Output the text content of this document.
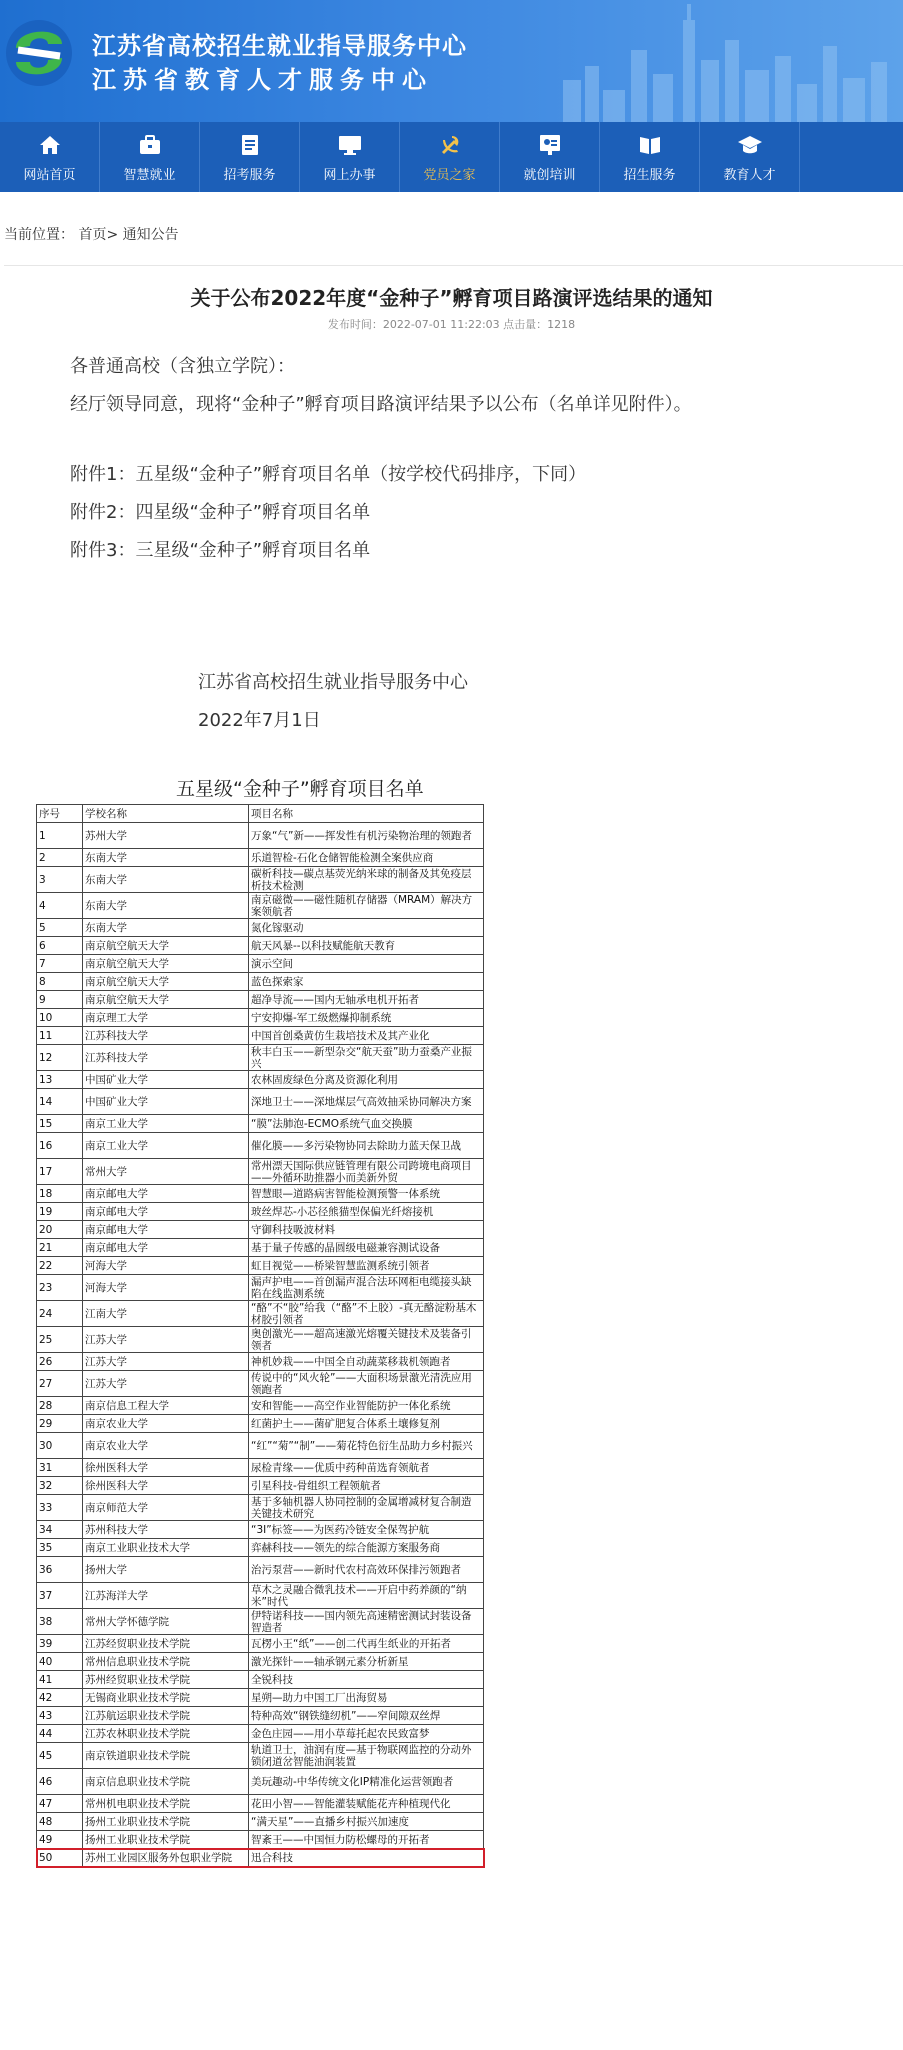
江苏省高校招生就业指导服务中心
江苏省教育人才服务中心
网站首页	智慧就业	招考服务	网上办事	党员之家	就创培训	招生服务	教育人才
当前位置： 首页> 通知公告
关于公布2022年度“金种子”孵育项目路演评选结果的通知
发布时间：2022-07-01 11:22:03 点击量：1218
各普通高校（含独立学院）：
经厅领导同意，现将“金种子”孵育项目路演评结果予以公布（名单详见附件）。
附件1：五星级“金种子”孵育项目名单（按学校代码排序，下同）
附件2：四星级“金种子”孵育项目名单
附件3：三星级“金种子”孵育项目名单
江苏省高校招生就业指导服务中心
2022年7月1日
五星级“金种子”孵育项目名单
序号	学校名称	项目名称
1	苏州大学	万象“气”新——挥发性有机污染物治理的领跑者
2	东南大学	乐道智检-石化仓储智能检测全案供应商
3	东南大学	碳析科技—碳点基荧光纳米球的制备及其免疫层析技术检测
4	东南大学	南京磁微——磁性随机存储器（MRAM）解决方案领航者
5	东南大学	氮化镓驱动
6	南京航空航天大学	航天风暴--以科技赋能航天教育
7	南京航空航天大学	演示空间
8	南京航空航天大学	蓝色探索家
9	南京航空航天大学	超净导流——国内无轴承电机开拓者
10	南京理工大学	宁安抑爆-军工级燃爆抑制系统
11	江苏科技大学	中国首创桑黄仿生栽培技术及其产业化
12	江苏科技大学	秋丰白玉——新型杂交“航天蚕”助力蚕桑产业振兴
13	中国矿业大学	农林固废绿色分离及资源化利用
14	中国矿业大学	深地卫士——深地煤层气高效抽采协同解决方案
15	南京工业大学	“膜”法肺泡-ECMO系统气血交换膜
16	南京工业大学	催化膜——多污染物协同去除助力蓝天保卫战
17	常州大学	常州漂天国际供应链管理有限公司跨境电商项目——外循环助推器小而美新外贸
18	南京邮电大学	智慧眼—道路病害智能检测预警一体系统
19	南京邮电大学	玻丝焊芯-小芯径熊猫型保偏光纤熔接机
20	南京邮电大学	守御科技吸波材料
21	南京邮电大学	基于量子传感的晶圆级电磁兼容测试设备
22	河海大学	虹目视觉——桥梁智慧监测系统引领者
23	河海大学	漏声护电——首创漏声混合法环网柜电缆接头缺陷在线监测系统
24	江南大学	“酪”不“胶”给我（“酪”不上胶）-真无酪淀粉基木材胶引领者
25	江苏大学	奥创激光——超高速激光熔覆关键技术及装备引领者
26	江苏大学	神机妙栽——中国全自动蔬菜移栽机领跑者
27	江苏大学	传说中的“风火轮”——大面积场景激光清洗应用领跑者
28	南京信息工程大学	安和智能——高空作业智能防护一体化系统
29	南京农业大学	红菌护土——菌矿肥复合体系土壤修复剂
30	南京农业大学	“红”“菊”“制”——菊花特色衍生品助力乡村振兴
31	徐州医科大学	尿检青缘——优质中药种苗选育领航者
32	徐州医科大学	引星科技-骨组织工程领航者
33	南京师范大学	基于多轴机器人协同控制的金属增减材复合制造关键技术研究
34	苏州科技大学	“3I”标签——为医药冷链安全保驾护航
35	南京工业职业技术大学	弈赫科技——领先的综合能源方案服务商
36	扬州大学	治污泵营——新时代农村高效环保排污领跑者
37	江苏海洋大学	草木之灵融合微乳技术——开启中药养颜的“纳米”时代
38	常州大学怀德学院	伊特诺科技——国内领先高速精密测试封装设备智造者
39	江苏经贸职业技术学院	瓦楞小王“纸”——创二代再生纸业的开拓者
40	常州信息职业技术学院	激光探针——轴承钢元素分析新星
41	苏州经贸职业技术学院	全锐科技
42	无锡商业职业技术学院	星朔—助力中国工厂出海贸易
43	江苏航运职业技术学院	特种高效“钢铁缝纫机”——窄间隙双丝焊
44	江苏农林职业技术学院	金色庄园——用小草莓托起农民致富梦
45	南京铁道职业技术学院	轨道卫士，油润有度—基于物联网监控的分动外锁闭道岔智能油润装置
46	南京信息职业技术学院	美玩趣动-中华传统文化IP精准化运营领跑者
47	常州机电职业技术学院	花田小智——智能灌装赋能花卉种植现代化
48	扬州工业职业技术学院	“满天星”——直播乡村振兴加速度
49	扬州工业职业技术学院	智紊王——中国恒力防松螺母的开拓者
50	苏州工业园区服务外包职业学院	迅合科技
